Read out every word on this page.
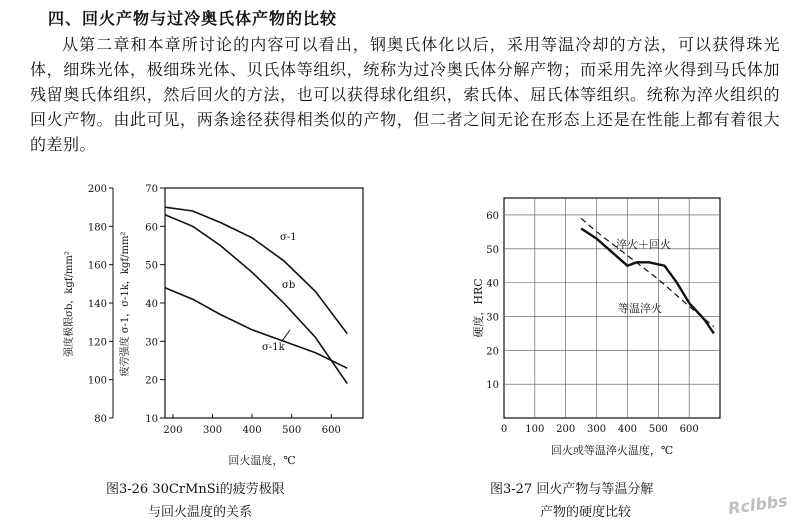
四、回火产物与过冷奥氏体产物的比较
从第二章和本章所讨论的内容可以看出，钢奥氏体化以后，采用等温冷却的方法，可以获得珠光体，细珠光体，极细珠光体、贝氏体等组织，统称为过冷奥氏体分解产物；而采用先淬火得到马氏体加残留奥氏体组织，然后回火的方法，也可以获得球化组织，索氏体、屈氏体等组织。统称为淬火组织的回火产物。由此可见，两条途径获得相类似的产物，但二者之间无论在形态上还是在性能上都有着很大的差别。
强度极限σb，kgf/mm²	疲劳强度 σ-1，σ-1k，kgf/mm²
200
180
160
140
120
100
80
70
60
50
40
30
20
10
200 300 400 500 600
σ-1
σb
σ-1k
回火温度，℃
图3-26 30CrMnSi的疲劳极限
与回火温度的关系
60
50
40
30
20
10
0 100 200 300 400 500 600
硬度，HRC
淬火＋回火
等温淬火
回火或等温淬火温度，℃
图3-27 回火产物与等温分解
产物的硬度比较	Rclbbs
